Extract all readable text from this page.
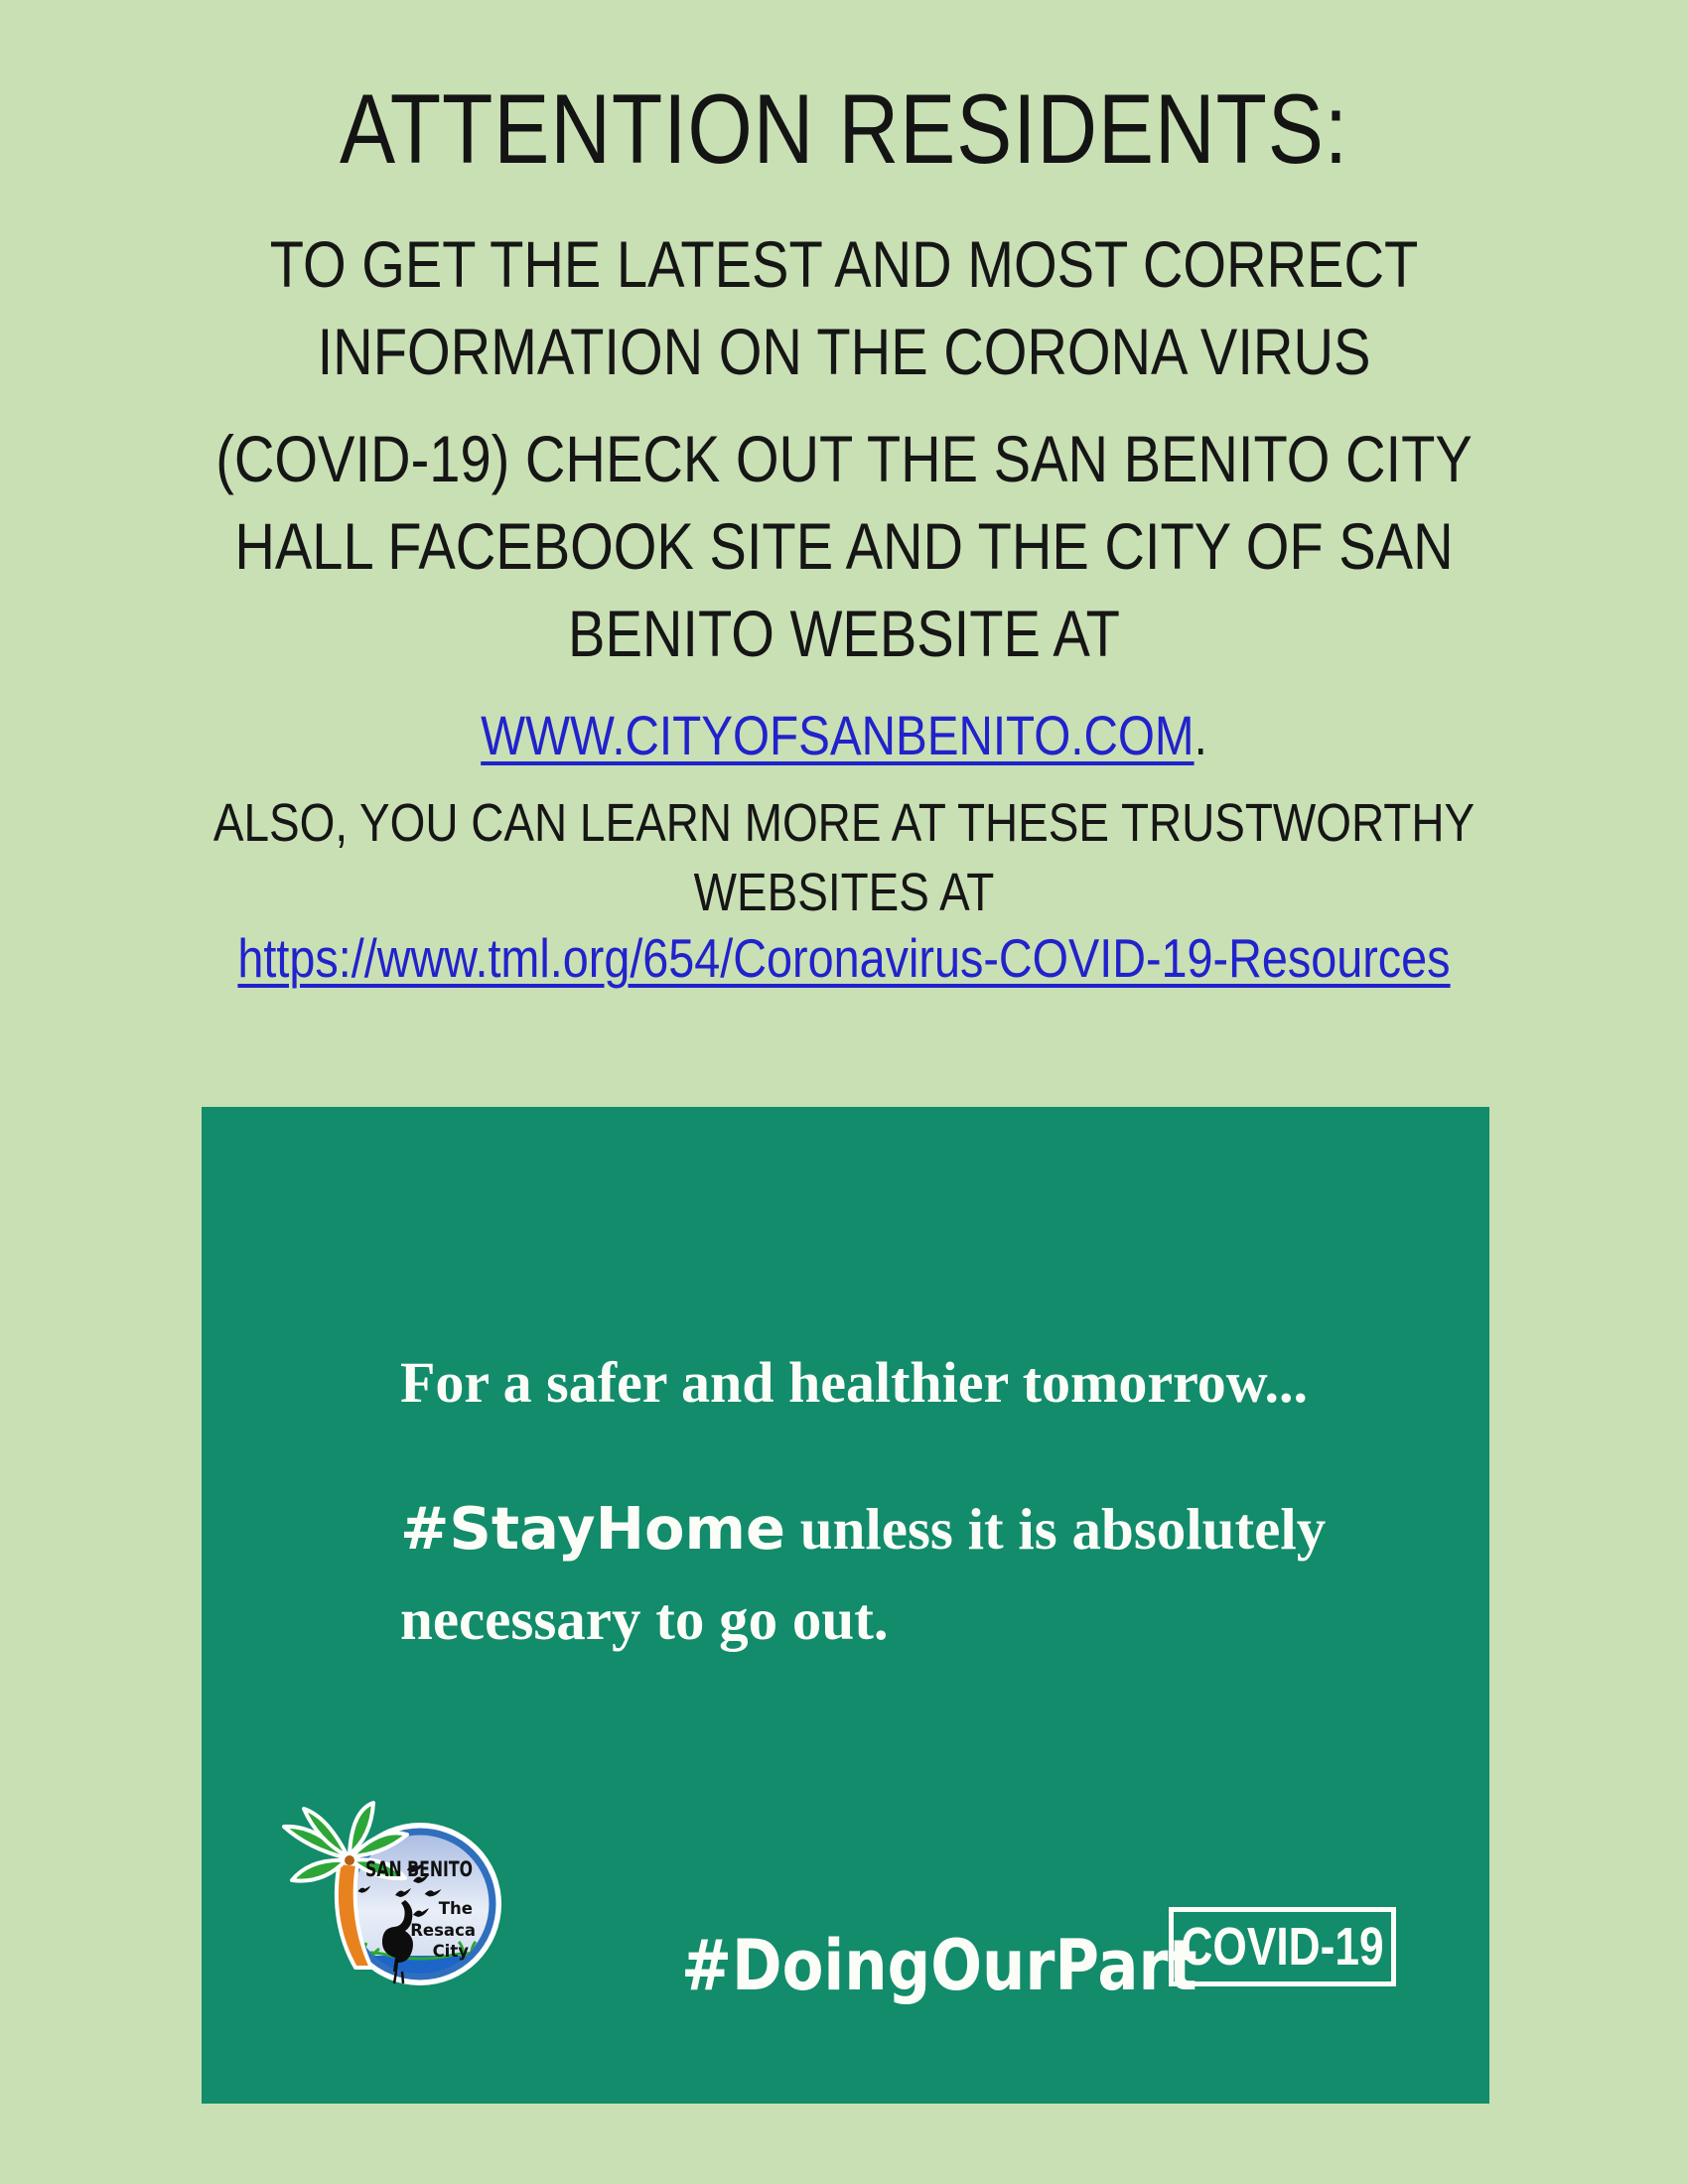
ATTENTION RESIDENTS:
TO GET THE LATEST AND MOST CORRECT
INFORMATION ON THE CORONA VIRUS
(COVID-19) CHECK OUT THE SAN BENITO CITY
HALL FACEBOOK SITE AND THE CITY OF SAN
BENITO WEBSITE AT
WWW.CITYOFSANBENITO.COM.
ALSO, YOU CAN LEARN MORE AT THESE TRUSTWORTHY
WEBSITES AT
https://www.tml.org/654/Coronavirus-COVID-19-Resources
For a safer and healthier tomorrow...
#StayHome unless it is absolutely
necessary to go out.
SAN BENITO
The
Resaca
City	#DoingOurPart
COVID-19
